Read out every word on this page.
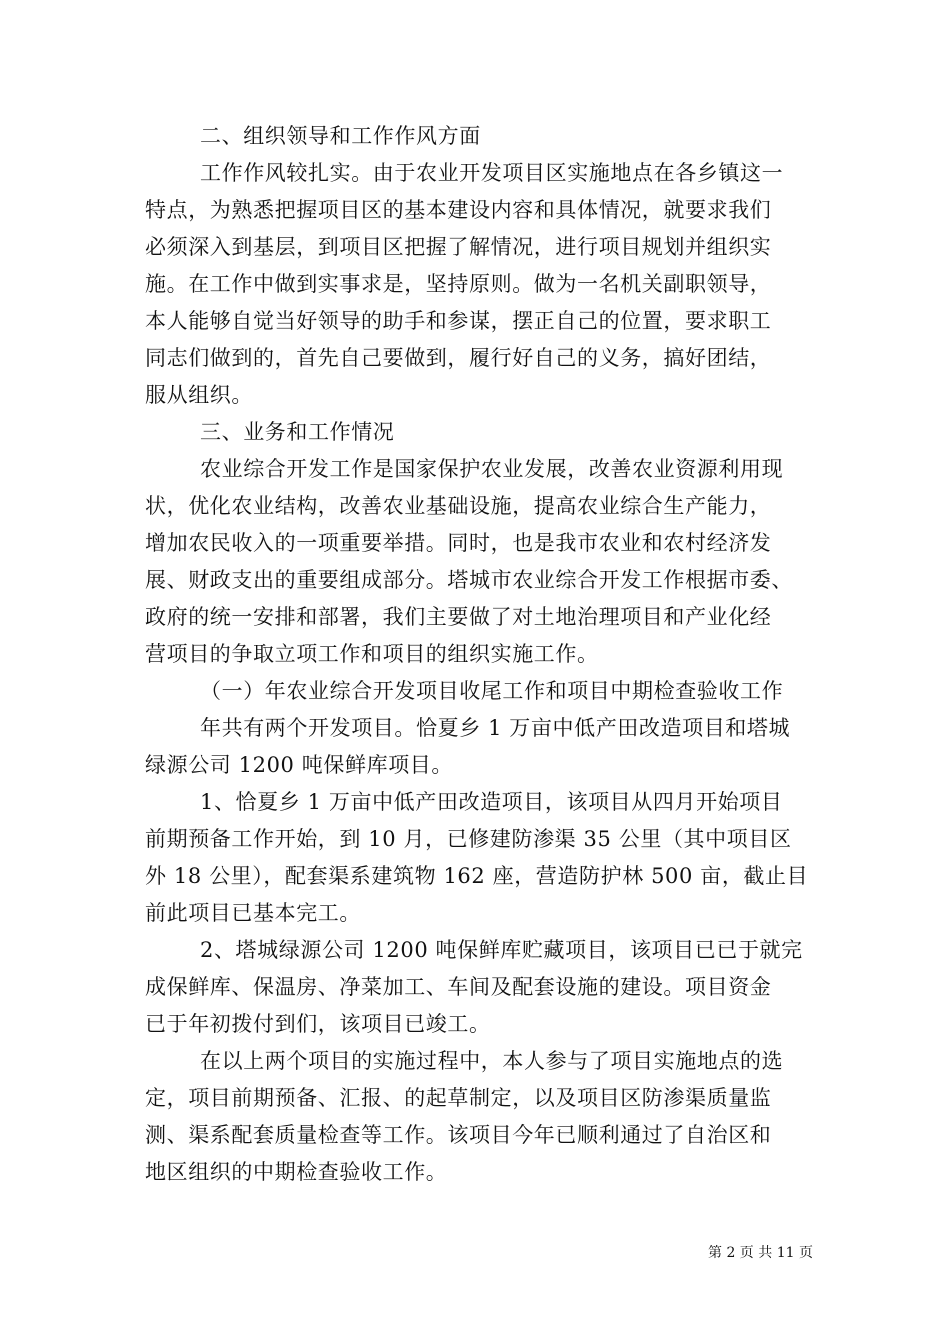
二、组织领导和工作作风方面
工作作风较扎实。由于农业开发项目区实施地点在各乡镇这一
特点，为熟悉把握项目区的基本建设内容和具体情况，就要求我们
必须深入到基层，到项目区把握了解情况，进行项目规划并组织实
施。在工作中做到实事求是，坚持原则。做为一名机关副职领导，
本人能够自觉当好领导的助手和参谋，摆正自己的位置，要求职工
同志们做到的，首先自己要做到，履行好自己的义务，搞好团结，
服从组织。
三、业务和工作情况
农业综合开发工作是国家保护农业发展，改善农业资源利用现
状，优化农业结构，改善农业基础设施，提高农业综合生产能力，
增加农民收入的一项重要举措。同时，也是我市农业和农村经济发
展、财政支出的重要组成部分。塔城市农业综合开发工作根据市委、
政府的统一安排和部署，我们主要做了对土地治理项目和产业化经
营项目的争取立项工作和项目的组织实施工作。
（一）年农业综合开发项目收尾工作和项目中期检查验收工作
年共有两个开发项目。恰夏乡 1 万亩中低产田改造项目和塔城
绿源公司 1200 吨保鲜库项目。
1、恰夏乡 1 万亩中低产田改造项目，该项目从四月开始项目
前期预备工作开始，到 10 月，已修建防渗渠 35 公里（其中项目区
外 18 公里），配套渠系建筑物 162 座，营造防护林 500 亩，截止目
前此项目已基本完工。
2、塔城绿源公司 1200 吨保鲜库贮藏项目，该项目已已于就完
成保鲜库、保温房、净菜加工、车间及配套设施的建设。项目资金
已于年初拨付到们，该项目已竣工。
在以上两个项目的实施过程中，本人参与了项目实施地点的选
定，项目前期预备、汇报、的起草制定，以及项目区防渗渠质量监
测、渠系配套质量检查等工作。该项目今年已顺利通过了自治区和
地区组织的中期检查验收工作。
第 2 页 共 11 页
